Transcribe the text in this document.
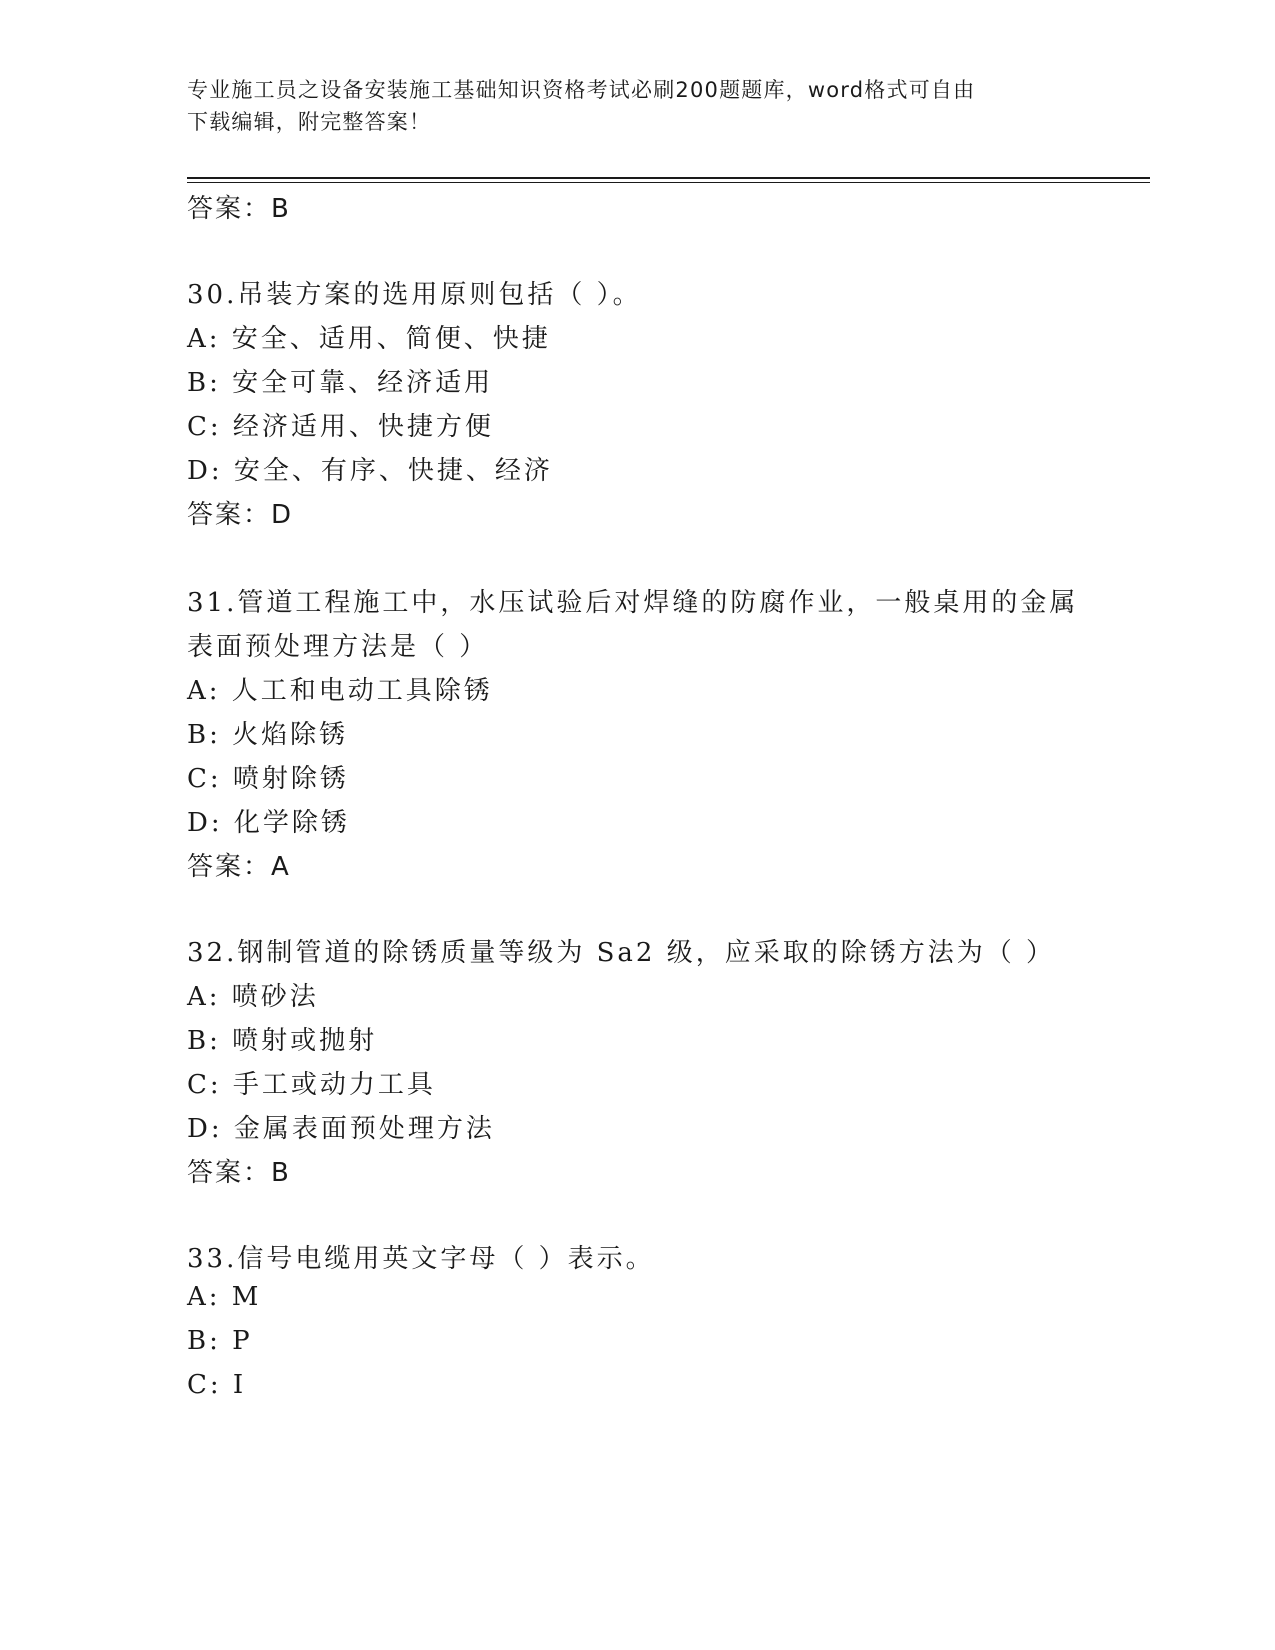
专业施工员之设备安装施工基础知识资格考试必刷200题题库，word格式可自由
下载编辑，附完整答案！
答案：B
30.吊装方案的选用原则包括（ ）。
A: 安全、适用、简便、快捷
B: 安全可靠、经济适用
C: 经济适用、快捷方便
D: 安全、有序、快捷、经济
答案：D
31.管道工程施工中，水压试验后对焊缝的防腐作业，一般桌用的金属
表面预处理方法是（ ）
A: 人工和电动工具除锈
B: 火焰除锈
C: 喷射除锈
D: 化学除锈
答案：A
32.钢制管道的除锈质量等级为 Sa2 级，应采取的除锈方法为（ ）
A: 喷砂法
B: 喷射或抛射
C: 手工或动力工具
D: 金属表面预处理方法
答案：B
33.信号电缆用英文字母（ ）表示。
A: M
B: P
C: I
